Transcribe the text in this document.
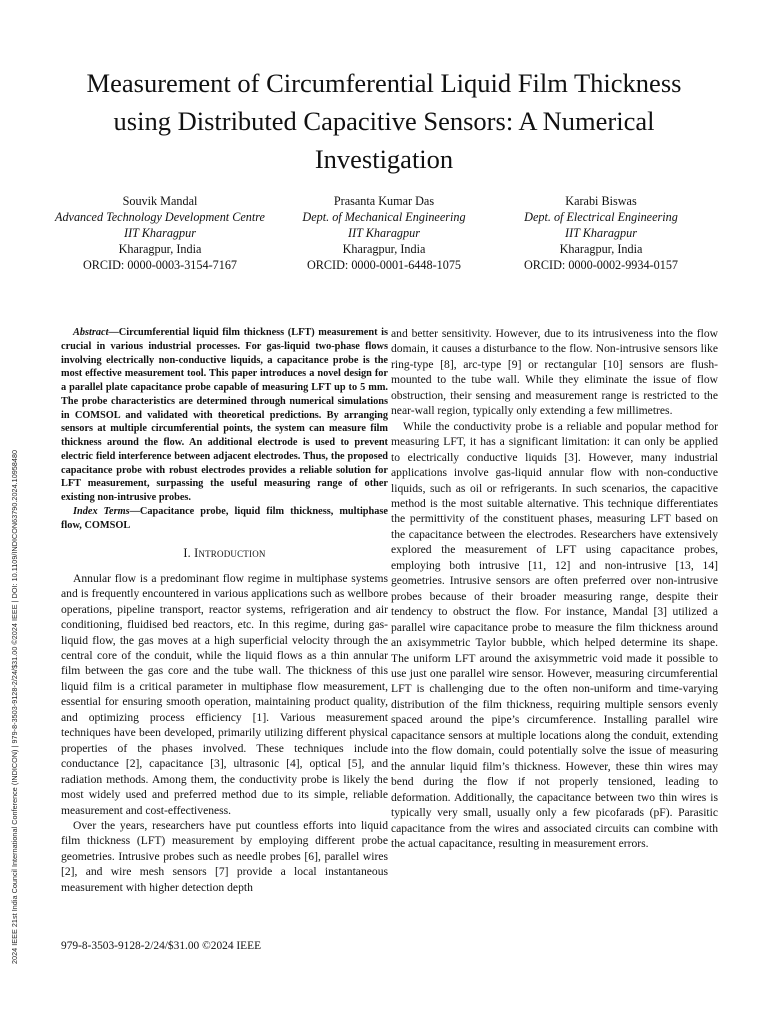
2024 IEEE 21st India Council International Conference (INDICON) | 979-8-3503-9128-2/24/$31.00 ©2024 IEEE | DOI: 10.1109/INDICON63790.2024.10958480
Measurement of Circumferential Liquid Film Thickness using Distributed Capacitive Sensors: A Numerical Investigation
Souvik Mandal
Advanced Technology Development Centre
IIT Kharagpur
Kharagpur, India
ORCID: 0000-0003-3154-7167
Prasanta Kumar Das
Dept. of Mechanical Engineering
IIT Kharagpur
Kharagpur, India
ORCID: 0000-0001-6448-1075
Karabi Biswas
Dept. of Electrical Engineering
IIT Kharagpur
Kharagpur, India
ORCID: 0000-0002-9934-0157

Abstract—Circumferential liquid film thickness (LFT) measurement is crucial in various industrial processes. For gas-liquid two-phase flows involving electrically non-conductive liquids, a capacitance probe is the most effective measurement tool. This paper introduces a novel design for a parallel plate capacitance probe capable of measuring LFT up to 5 mm. The probe characteristics are determined through numerical simulations in COMSOL and validated with theoretical predictions. By arranging sensors at multiple circumferential points, the system can measure film thickness around the flow. An additional electrode is used to prevent electric field interference between adjacent electrodes. Thus, the proposed capacitance probe with robust electrodes provides a reliable solution for LFT measurement, surpassing the useful measuring range of other existing non-intrusive probes.

Index Terms—Capacitance probe, liquid film thickness, multiphase flow, COMSOL

I. Introduction

Annular flow is a predominant flow regime in multiphase systems and is frequently encountered in various applications such as wellbore operations, pipeline transport, reactor systems, refrigeration and air conditioning, fluidised bed reactors, etc. In this regime, during gas-liquid flow, the gas moves at a high superficial velocity through the central core of the conduit, while the liquid flows as a thin annular film between the gas core and the tube wall. The thickness of this liquid film is a critical parameter in multiphase flow measurement, essential for ensuring smooth operation, maintaining product quality, and optimizing process efficiency [1]. Various measurement techniques have been developed, primarily utilizing different physical properties of the phases involved. These techniques include conductance [2], capacitance [3], ultrasonic [4], optical [5], and radiation methods. Among them, the conductivity probe is likely the most widely used and preferred method due to its simple, reliable measurement and cost-effectiveness.

Over the years, researchers have put countless efforts into liquid film thickness (LFT) measurement by employing different probe geometries. Intrusive probes such as needle probes [6], parallel wires [2], and wire mesh sensors [7] provide a local instantaneous measurement with higher detection depth

and better sensitivity. However, due to its intrusiveness into the flow domain, it causes a disturbance to the flow. Non-intrusive sensors like ring-type [8], arc-type [9] or rectangular [10] sensors are flush-mounted to the tube wall. While they eliminate the issue of flow obstruction, their sensing and measurement range is restricted to the near-wall region, typically only extending a few millimetres.

While the conductivity probe is a reliable and popular method for measuring LFT, it has a significant limitation: it can only be applied to electrically conductive liquids [3]. However, many industrial applications involve gas-liquid annular flow with non-conductive liquids, such as oil or refrigerants. In such scenarios, the capacitive method is the most suitable alternative. This technique differentiates the permittivity of the constituent phases, measuring LFT based on the capacitance between the electrodes. Researchers have extensively explored the measurement of LFT using capacitance probes, employing both intrusive [11, 12] and non-intrusive [13, 14] geometries. Intrusive sensors are often preferred over non-intrusive probes because of their broader measuring range, despite their tendency to obstruct the flow. For instance, Mandal [3] utilized a parallel wire capacitance probe to measure the film thickness around an axisymmetric Taylor bubble, which helped determine its shape. The uniform LFT around the axisymmetric void made it possible to use just one parallel wire sensor. However, measuring circumferential LFT is challenging due to the often non-uniform and time-varying distribution of the film thickness, requiring multiple sensors evenly spaced around the pipe’s circumference. Installing parallel wire capacitance sensors at multiple locations along the conduit, extending into the flow domain, could potentially solve the issue of measuring the annular liquid film’s thickness. However, these thin wires may bend during the flow if not properly tensioned, leading to deformation. Additionally, the capacitance between two thin wires is typically very small, usually only a few picofarads (pF). Parasitic capacitance from the wires and associated circuits can combine with the actual capacitance, resulting in measurement errors.

979-8-3503-9128-2/24/$31.00 ©2024 IEEE
